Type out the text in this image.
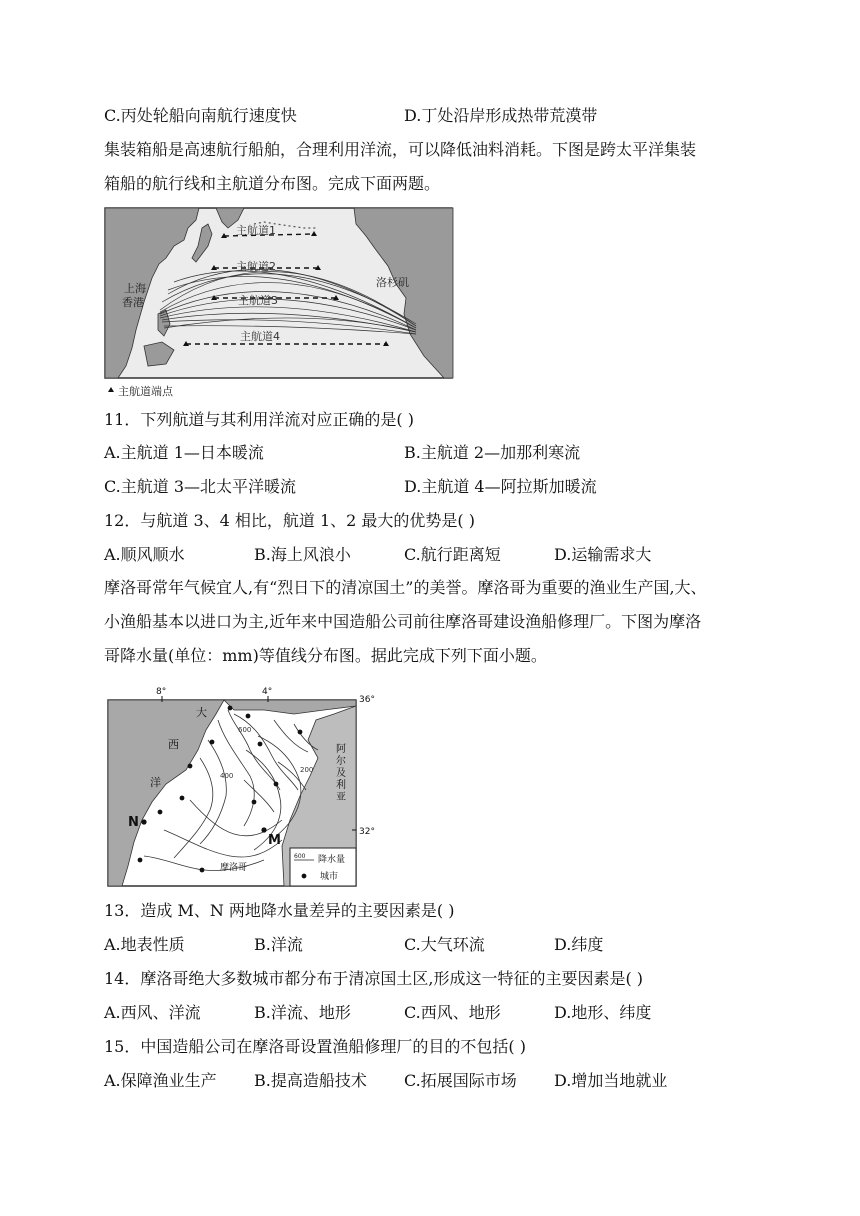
C.丙处轮船向南航行速度快	D.丁处沿岸形成热带荒漠带
集装箱船是高速航行船舶，合理利用洋流，可以降低油料消耗。下图是跨太平洋集装
箱船的航行线和主航道分布图。完成下面两题。
主航道1
主航道2
主航道3
主航道4
上海
香港
洛杉矶
主航道端点
11．下列航道与其利用洋流对应正确的是( )
A.主航道 1—日本暖流	B.主航道 2—加那利寒流
C.主航道 3—北太平洋暖流	D.主航道 4—阿拉斯加暖流
12．与航道 3、4 相比，航道 1、2 最大的优势是( )
A.顺风顺水	B.海上风浪小	C.航行距离短	D.运输需求大
摩洛哥常年气候宜人,有“烈日下的清凉国土”的美誉。摩洛哥为重要的渔业生产国,大、
小渔船基本以进口为主,近年来中国造船公司前往摩洛哥建设渔船修理厂。下图为摩洛
哥降水量(单位：mm)等值线分布图。据此完成下列下面小题。
600
400
200
N
M
大
西
洋
阿
尔
及
利
亚
摩洛哥
8°	4°
36°
32°
600 降水量
城市
13．造成 M、N 两地降水量差异的主要因素是( )
A.地表性质	B.洋流	C.大气环流	D.纬度
14．摩洛哥绝大多数城市都分布于清凉国土区,形成这一特征的主要因素是( )
A.西风、洋流	B.洋流、地形	C.西风、地形	D.地形、纬度
15．中国造船公司在摩洛哥设置渔船修理厂的目的不包括( )
A.保障渔业生产 B.提高造船技术 C.拓展国际市场 D.增加当地就业
